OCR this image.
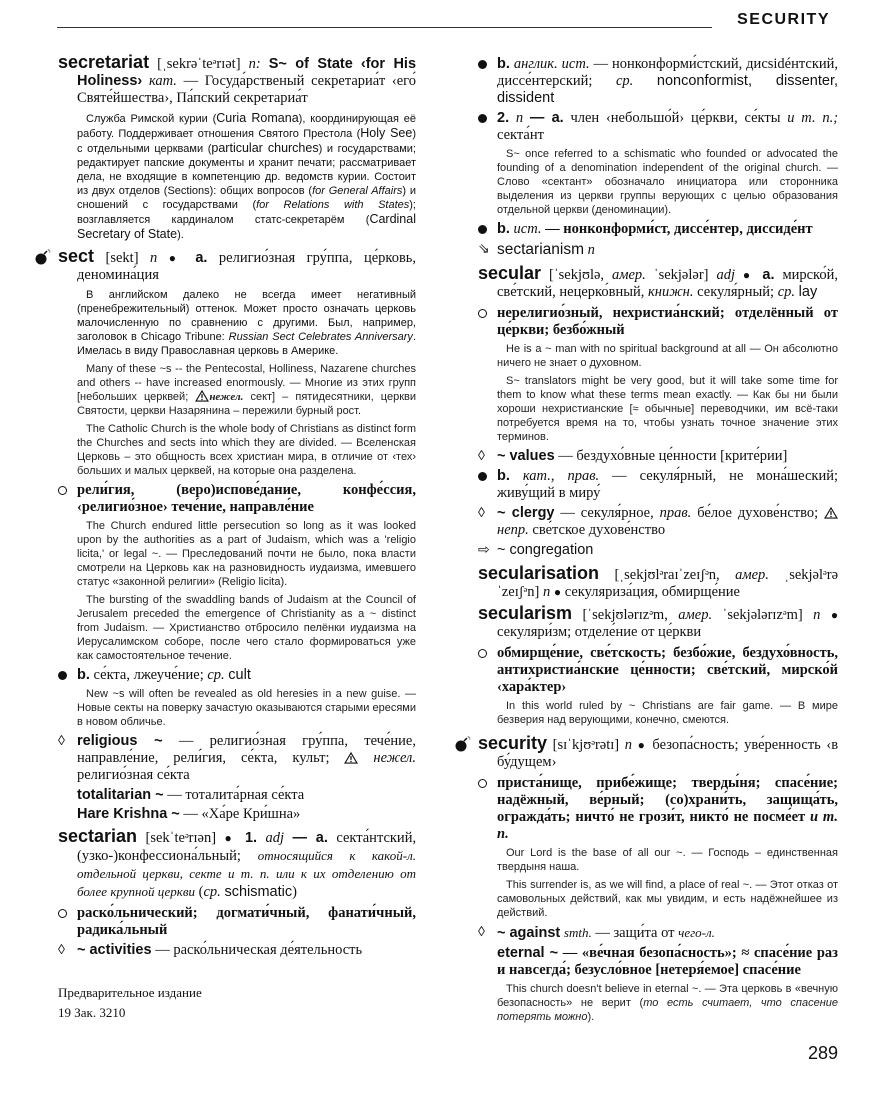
SECURITY
secretariat [ˌsekrəˈteᵊrɪət] n: S~ of State ‹for His Holiness› кат. — Госуда́рственый секретариа́т ‹его́ Святе́йшества›, Па́пский секретариа́т
Служба Римской курии (Curia Romana), координирующая её работу. Поддерживает отношения Святого Престола (Holy See) с отдельными церквами (particular churches) и государствами; редактирует папские документы и хранит печати; рассматривает дела, не входящие в компетенцию др. ведомств курии. Состоит из двух отделов (Sections): общих вопросов (for General Affairs) и сношений с государствами (for Relations with States); возглавляется кардиналом статс-секретарём (Cardinal Secretary of State).
sect [sekt] n ● a. религио́зная гру́ппа, це́рковь, деномина́ция
В английском далеко не всегда имеет негативный (пренебрежительный) оттенок. Может просто означать церковь малочисленную по сравнению с другими. Был, например, заголовок в Chicago Tribune: Russian Sect Celebrates Anniversary. Имелась в виду Православная церковь в Америке.
Many of these ~s -- the Pentecostal, Holliness, Nazarene churches and others -- have increased enormously. — Многие из этих групп [небольших церквей; нежел. сект] – пятидесятники, церкви Святости, церкви Назарянина – пережили бурный рост.
The Catholic Church is the whole body of Christians as distinct form the Churches and sects into which they are divided. — Вселенская Церковь – это общность всех христиан мира, в отличие от ‹тех› больших и малых церквей, на которые она разделена.
рели́гия, (веро)испове́дание, конфе́ссия, ‹религио́зное› тече́ние, направле́ние
The Church endured little persecution so long as it was looked upon by the authorities as a part of Judaism, which was a 'religio licita,' or legal ~. — Преследований почти не было, пока власти смотрели на Церковь как на разновидность иудаизма, имевшего статус «законной религии» (Religio licita).
The bursting of the swaddling bands of Judaism at the Council of Jerusalem preceded the emergence of Christianity as a ~ distinct from Judaism. — Христианство отбросило пелёнки иудаизма на Иерусалимском соборе, после чего стало формироваться уже как самостоятельное течение.
b. се́кта, лжеуче́ние; cp. cult
New ~s will often be revealed as old heresies in a new guise. — Новые секты на поверку зачастую оказываются старыми ересями в новом обличье.
◊ religious ~ — религио́зная гру́ппа, тече́ние, направле́ние, рели́гия, се́кта, культ;	нежел. религио́зная се́кта
totalitarian ~ — тоталита́рная се́кта
Hare Krishna ~ — «Ха́ре Кри́шна»
sectarian [sekˈteᵊrɪən] ● 1. adj — a. секта́нтский, (узко-)конфессиона́льный; относящийся к какой-л. отдельной церкви, секте и т. п. или к их отделению от более крупной церкви (cp. schismatic)
раско́льнический; догмати́чный, фанати́чный, радика́льный
◊ ~ activities — раско́льническая де́ятельность
Предварительное издание
19 Зак. 3210
b. англик. ист. — нонконформи́стский, дисsidéнтский, диссе́нтерский; cp. nonconformist, dissenter, dissident
2. n — a. член ‹небольшо́й› це́ркви, се́кты и т. п.; секта́нт
S~ once referred to a schismatic who founded or advocated the founding of a denomination independent of the original church. — Слово «сектант» обозначало инициатора или сторонника выделения из церкви группы верующих с целью образования отдельной церкви (деноминации).
b. ист. — нонконформи́ст, диссе́нтер, диссиде́нт
⇘ sectarianism n
secular [ˈsekjʊlə, амер. ˈsekjələr] adj ● a. мирско́й, све́тский, нецерко́вный, книжн. секуля́рный; cp. lay
нерелигио́зный, нехристиа́нский; отделённый от це́ркви; безбо́жный
He is a ~ man with no spiritual background at all — Он абсолютно ничего не знает о духовном.
S~ translators might be very good, but it will take some time for them to know what these terms mean exactly. — Как бы ни были хороши нехристианские [≈ обычные] переводчики, им всё-таки потребуется время на то, чтобы узнать точное значение этих терминов.
◊ ~ values — бездухо́вные це́нности [крите́рии]
b. кат., прав. — секуля́рный, не мона́шеский; живу́щий в миру́
◊ ~ clergy — секуля́рное, прав. бе́лое духове́нство;  непр. све́тское духове́нство
⇨ ~ congregation
secularisation [ˌsekjʊlᵊraɪˈzeɪʃᵊn, амер. ˌsekjəlᵊrəˈzeɪʃᵊn] n ● секуляриза́ция, обмирще́ние
secularism [ˈsekjʊlərɪzᵊm, амер. ˈsekjələrɪzᵊm] n ● секуляри́зм; отделе́ние от це́ркви
обмирще́ние, све́тскость; безбо́жие, бездухо́вность, антихристиа́нские це́нности; све́тский, мирско́й ‹хара́ктер›
In this world ruled by ~ Christians are fair game. — В мире безверия над верующими, конечно, смеются.
security [sɪˈkjʊᵊrətɪ] n ● безопа́сность; уве́ренность ‹в бу́дущем›
приста́нище, прибе́жище; тверды́ня; спасе́ние; надёжный, ве́рный; (со)храни́ть, защища́ть, огражда́ть; ничто́ не грози́т, никто́ не посме́ет и т. п.
Our Lord is the base of all our ~. — Господь – единственная твердыня наша.
This surrender is, as we will find, a place of real ~. — Этот отказ от самовольных действий, как мы увидим, и есть надёжнейшее из действий.
◊ ~ against smth. — защи́та от чего-л.
eternal ~ — «ве́чная безопа́сность»; ≈ спасе́ние раз и навсегда́; безусло́вное [нетеря́емое] спасе́ние
This church doesn't believe in eternal ~. — Эта церковь в «вечную безопасность» не верит (то есть считает, что спасение потерять можно).
289
